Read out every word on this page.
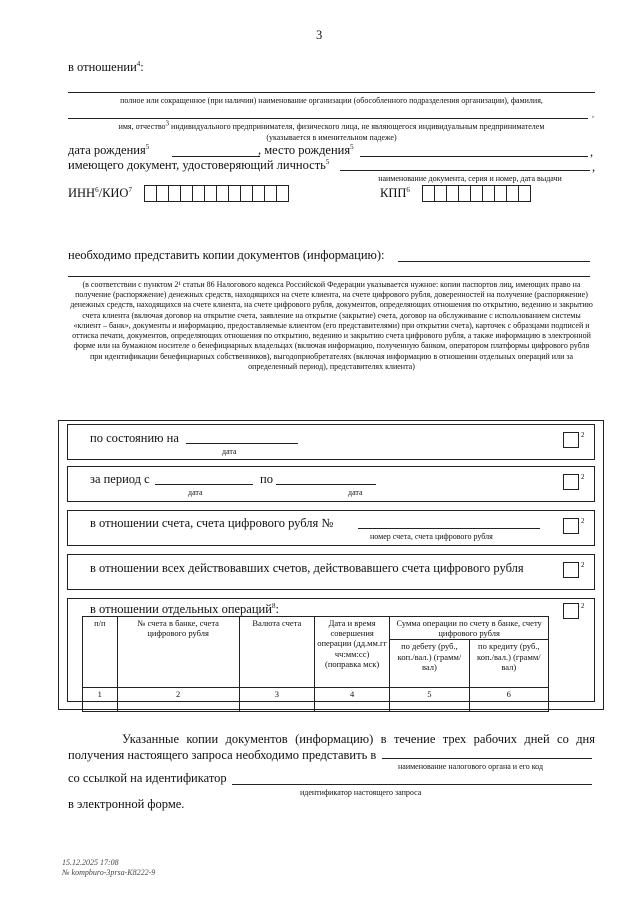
3
в отношении$^4$:
полное или сокращенное (при наличии) наименование организации (обособленного подразделения организации), фамилия,
,
имя, отчество3 индивидуального предпринимателя, физического лица, не являющегося индивидуальным предпринимателем
(указывается в именительном падеже)
дата рождения$^5$	, место рождения$^5$	,
имеющего документ, удостоверяющий личность$^5$	,
наименование документа, серия и номер, дата выдачи
ИНН$^6$/КИО$^7$	КПП$^6$
необходимо представить копии документов (информацию):
(в соответствии с пунктом 2¹ статьи 86 Налогового кодекса Российской Федерации указывается нужное: копии паспортов лиц, имеющих право на получение (распоряжение) денежных средств, находящихся на счете клиента, на счете цифрового рубля, доверенностей на получение (распоряжение) денежных средств, находящихся на счете клиента, на счете цифрового рубля, документов, определяющих отношения по открытию, ведению и закрытию счета клиента (включая договор на открытие счета, заявление на открытие (закрытие) счета, договор на обслуживание с использованием системы «клиент – банк», документы и информацию, предоставляемые клиентом (его представителями) при открытии счета), карточек с образцами подписей и оттиска печати, документов, определяющих отношения по открытию, ведению и закрытию счета цифрового рубля, а также информацию в электронной форме или на бумажном носителе о бенефициарных владельцах (включая информацию, полученную банком, оператором платформы цифрового рубля при идентификации бенефициарных собственников), выгодоприобретателях (включая информацию в отношении отдельных операций или за определенный период), представителях клиента)
по состоянию на
дата
2
за период с
дата
по
дата
2
в отношении счета, счета цифрового рубля №
номер счета, счета цифрового рубля
2
в отношении всех действовавших счетов, действовавшего счета цифрового рубля	2
в отношении отдельных операций$^8$:	2
п/п	№ счета в банке, счета цифрового рубля	Валюта счета	Дата и время совершения операции (дд.мм.гг чч:мм:сс) (поправка мск)	Сумма операции по счету в банке, счету цифрового рубля	
				по дебету (руб., коп./вал.) (грамм/вал)	по кредиту (руб., коп./вал.) (грамм/вал)
1	2	3	4	5	6

Указанные копии документов (информацию) в течение трех рабочих дней со дня получения настоящего запроса необходимо представить в
наименование налогового органа и его код
со ссылкой на идентификатор
идентификатор настоящего запроса
в электронной форме.
15.12.2025 17:08
№ kompburo-3prsa-K8222-9
